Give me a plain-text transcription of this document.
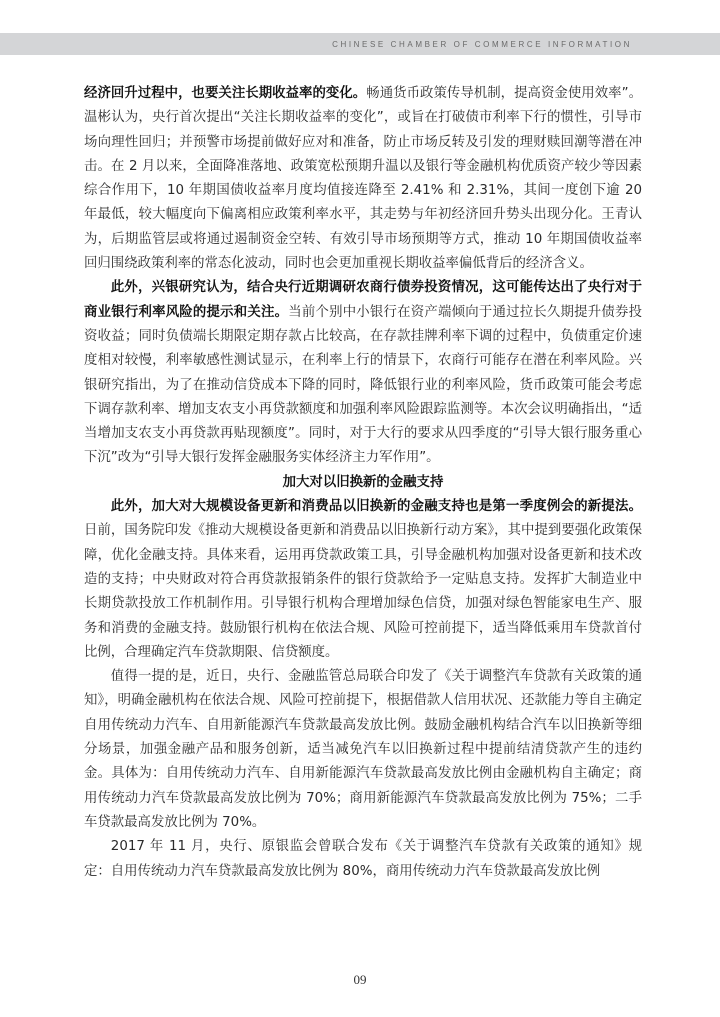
CHINESE CHAMBER OF COMMERCE INFORMATION

经济回升过程中，也要关注长期收益率的变化。畅通货币政策传导机制，提高资金使用效率”。温彬认为，央行首次提出“关注长期收益率的变化”，或旨在打破债市利率下行的惯性，引导市场向理性回归；并预警市场提前做好应对和准备，防止市场反转及引发的理财赎回潮等潜在冲击。在 2 月以来，全面降准落地、政策宽松预期升温以及银行等金融机构优质资产较少等因素综合作用下，10 年期国债收益率月度均值接连降至 2.41% 和 2.31%，其间一度创下逾 20 年最低，较大幅度向下偏离相应政策利率水平，其走势与年初经济回升势头出现分化。王青认为，后期监管层或将通过遏制资金空转、有效引导市场预期等方式，推动 10 年期国债收益率回归围绕政策利率的常态化波动，同时也会更加重视长期收益率偏低背后的经济含义。

此外，兴银研究认为，结合央行近期调研农商行债券投资情况，这可能传达出了央行对于商业银行利率风险的提示和关注。当前个别中小银行在资产端倾向于通过拉长久期提升债券投资收益；同时负债端长期限定期存款占比较高，在存款挂牌利率下调的过程中，负债重定价速度相对较慢，利率敏感性测试显示，在利率上行的情景下，农商行可能存在潜在利率风险。兴银研究指出，为了在推动信贷成本下降的同时，降低银行业的利率风险，货币政策可能会考虑下调存款利率、增加支农支小再贷款额度和加强利率风险跟踪监测等。本次会议明确指出，“适当增加支农支小再贷款再贴现额度”。同时，对于大行的要求从四季度的“引导大银行服务重心下沉”改为“引导大银行发挥金融服务实体经济主力军作用”。

加大对以旧换新的金融支持

此外，加大对大规模设备更新和消费品以旧换新的金融支持也是第一季度例会的新提法。日前，国务院印发《推动大规模设备更新和消费品以旧换新行动方案》，其中提到要强化政策保障，优化金融支持。具体来看，运用再贷款政策工具，引导金融机构加强对设备更新和技术改造的支持；中央财政对符合再贷款报销条件的银行贷款给予一定贴息支持。发挥扩大制造业中长期贷款投放工作机制作用。引导银行机构合理增加绿色信贷，加强对绿色智能家电生产、服务和消费的金融支持。鼓励银行机构在依法合规、风险可控前提下，适当降低乘用车贷款首付比例，合理确定汽车贷款期限、信贷额度。

值得一提的是，近日，央行、金融监管总局联合印发了《关于调整汽车贷款有关政策的通知》，明确金融机构在依法合规、风险可控前提下，根据借款人信用状况、还款能力等自主确定自用传统动力汽车、自用新能源汽车贷款最高发放比例。鼓励金融机构结合汽车以旧换新等细分场景，加强金融产品和服务创新，适当减免汽车以旧换新过程中提前结清贷款产生的违约金。具体为：自用传统动力汽车、自用新能源汽车贷款最高发放比例由金融机构自主确定；商用传统动力汽车贷款最高发放比例为 70%；商用新能源汽车贷款最高发放比例为 75%；二手车贷款最高发放比例为 70%。

2017 年 11 月，央行、原银监会曾联合发布《关于调整汽车贷款有关政策的通知》规定：自用传统动力汽车贷款最高发放比例为 80%，商用传统动力汽车贷款最高发放比例

09
